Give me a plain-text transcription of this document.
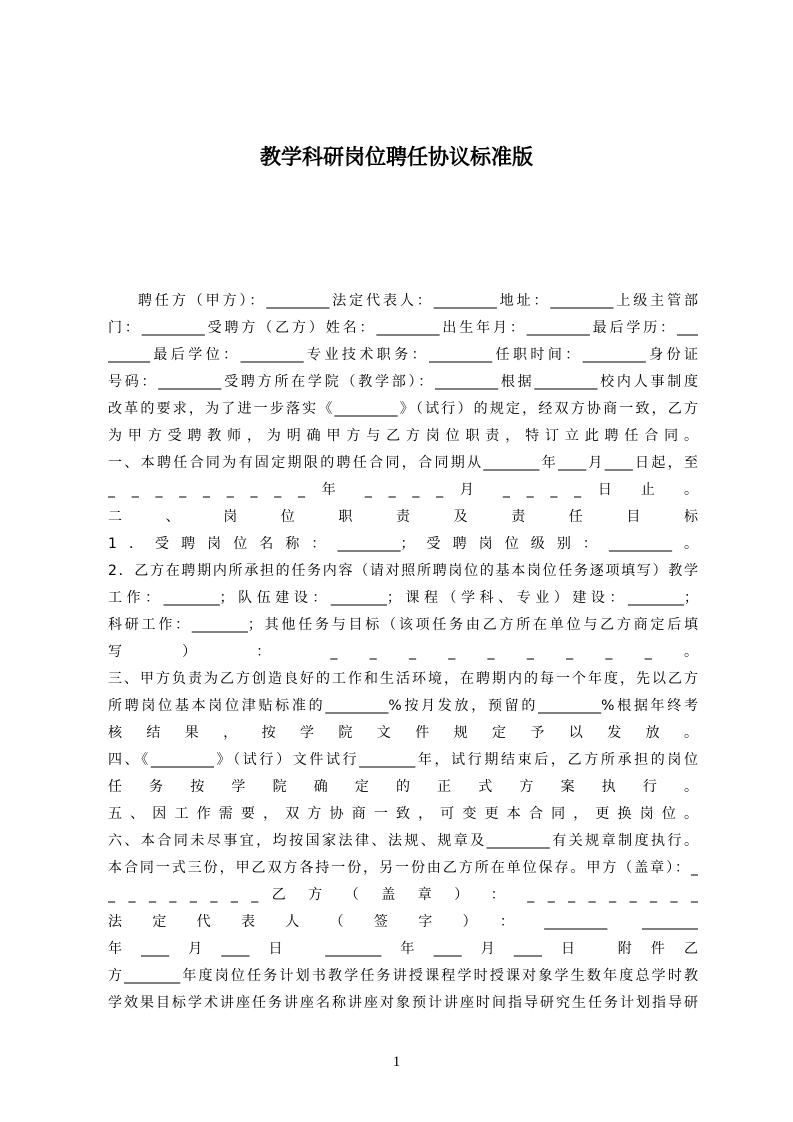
教学科研岗位聘任协议标准版
聘任方（甲方）：_________法定代表人：_________地址：_________上级主管部
门：_________受聘方（乙方）姓名：_________出生年月：_________最后学历：___
______最后学位：_________专业技术职务：_________任职时间：_________身份证
号码：_________受聘方所在学院（教学部）：_________根据_________校内人事制度
改革的要求，为了进一步落实《_________》（试行）的规定，经双方协商一致，乙方
为甲方受聘教师，为明确甲方与乙方岗位职责，特订立此聘任合同。
一、本聘任合同为有固定期限的聘任合同，合同期从________年____月____日起，至
_ _ _ _ _ _ _ _ _ 年 _ _ _ _ 月 _ _ _ _ 日 止 。
二 、 岗 位 职 责 及 责 任 目 标
1．受聘岗位名称：_________；受聘岗位级别：_________。
2．乙方在聘期内所承担的任务内容（请对照所聘岗位的基本岗位任务逐项填写）教学
工作：________；队伍建设：________；课程（学科、专业）建设：________；
科研工作：________；其他任务与目标（该项任务由乙方所在单位与乙方商定后填
写 ） ： _ _ _ _ _ _ _ _ _ 。
三、甲方负责为乙方创造良好的工作和生活环境，在聘期内的每一个年度，先以乙方
所聘岗位基本岗位津贴标准的_________%按月发放，预留的_________%根据年终考
核结果，按学院文件规定予以发放。
四、《_________》（试行）文件试行________年，试行期结束后，乙方所承担的岗位
任务按学院确定的正式方案执行。
五、因工作需要，双方协商一致，可变更本合同，更换岗位。
六、本合同未尽事宜，均按国家法律、法规、规章及_________有关规章制度执行。
本合同一式三份，甲乙双方各持一份，另一份由乙方所在单位保存。甲方（盖章）：_
_ _ _ _ _ _ _ _ 乙 方 （ 盖 章 ） ： _ _ _ _ _ _ _ _ _
法定代表人（签字）：_________ ________
年____月____日 ________年____月____日 附件乙
方________年度岗位任务计划书教学任务讲授课程学时授课对象学生数年度总学时教
学效果目标学术讲座任务讲座名称讲座对象预计讲座时间指导研究生任务计划指导研
1
